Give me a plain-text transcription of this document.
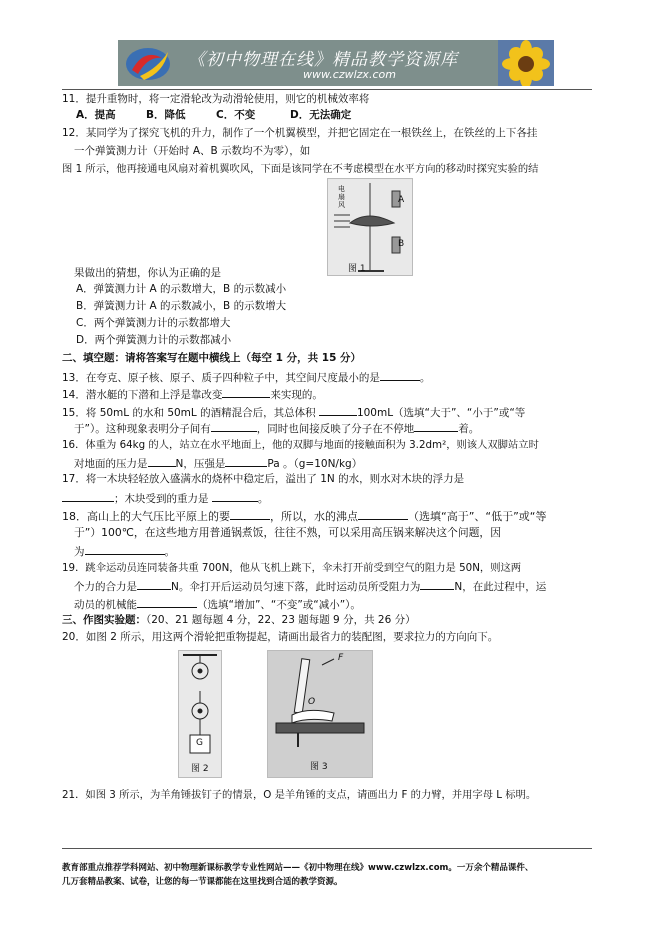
《初中物理在线》精品教学资源库
www.czwlzx.com
11．提升重物时，将一定滑轮改为动滑轮使用，则它的机械效率将
A．提高	B．降低	C．不变	D．无法确定
12．某同学为了探究飞机的升力，制作了一个机翼模型，并把它固定在一根铁丝上，在铁丝的上下各挂
一个弹簧测力计（开始时 A、B 示数均不为零），如
图 1 所示，他再接通电风扇对着机翼吹风，下面是该同学在不考虑模型在水平方向的移动时探究实验的结
电扇风	A
B
图 1
果做出的猜想，你认为正确的是
A．弹簧测力计 A 的示数增大，B 的示数减小
B．弹簧测力计 A 的示数减小，B 的示数增大
C．两个弹簧测力计的示数都增大
D．两个弹簧测力计的示数都减小
二、填空题：请将答案写在题中横线上（每空 1 分，共 15 分）
13．在夸克、原子核、原子、质子四种粒子中，其空间尺度最小的是	。
14．潜水艇的下潜和上浮是靠改变	来实现的。
15．将 50mL 的水和 50mL 的酒精混合后，其总体积	100mL（选填“大于”、“小于”或“等
于”）。这种现象表明分子间有	，同时也间接反映了分子在不停地	着。
16．体重为 64kg 的人，站立在水平地面上，他的双脚与地面的接触面积为 3.2dm²，则该人双脚站立时
对地面的压力是	N，压强是	Pa 。（g=10N/kg）
17．将一木块轻轻放入盛满水的烧杯中稳定后，溢出了 1N 的水，则水对木块的浮力是
；木块受到的重力是	。
18．高山上的大气压比平原上的要	，所以，水的沸点	（选填“高于”、“低于”或“等
于”）100℃，在这些地方用普通锅煮饭，往往不熟，可以采用高压锅来解决这个问题，因
为	。
19．跳伞运动员连同装备共重 700N，他从飞机上跳下，伞未打开前受到空气的阻力是 50N，则这两
个力的合力是	N。伞打开后运动员匀速下落，此时运动员所受阻力为	N，在此过程中，运
动员的机械能	（选填“增加”、“不变”或“减小”）。
三、作图实验题：（20、21 题每题 4 分，22、23 题每题 9 分，共 26 分）
20．如图 2 所示，用这两个滑轮把重物提起，请画出最省力的装配图，要求拉力的方向向下。
G
图 2
F
O
图 3
21．如图 3 所示，为羊角锤拔钉子的情景，O 是羊角锤的支点，请画出力 F 的力臂，并用字母 L 标明。
教育部重点推荐学科网站、初中物理新课标教学专业性网站——《初中物理在线》www.czwlzx.com。一万余个精品课件、
几万套精品教案、试卷，让您的每一节课都能在这里找到合适的教学资源。
